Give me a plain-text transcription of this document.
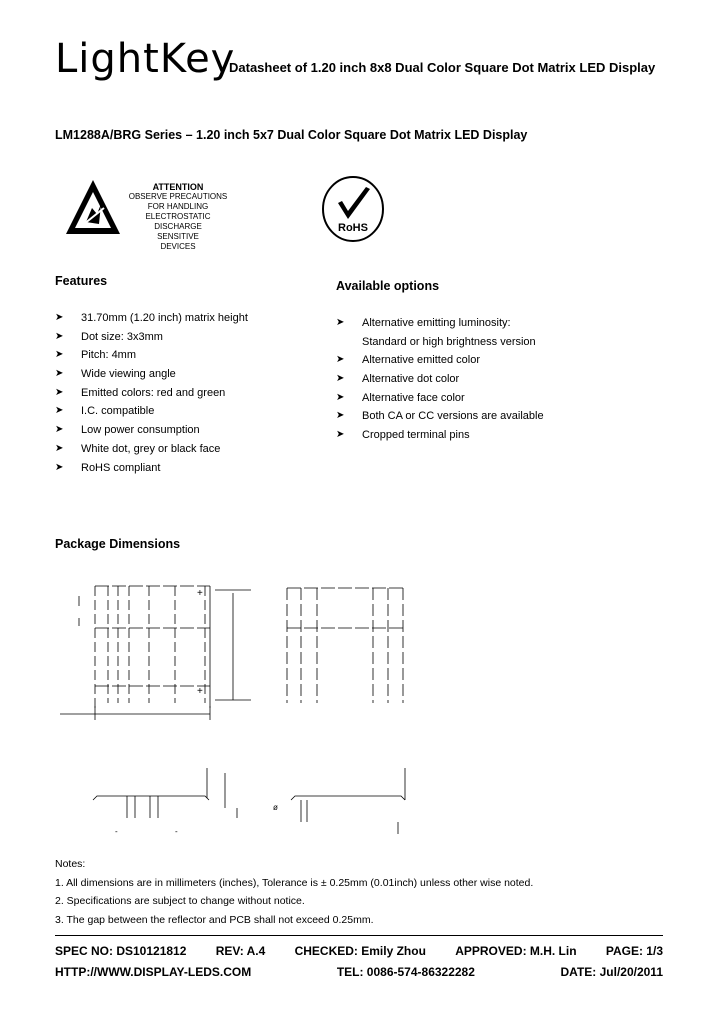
LightKey
Datasheet of 1.20 inch 8x8 Dual Color Square Dot Matrix LED Display
LM1288A/BRG Series – 1.20 inch 5x7 Dual Color Square Dot Matrix LED Display
ATTENTION
OBSERVE PRECAUTIONS
FOR HANDLING
ELECTROSTATIC
DISCHARGE
SENSITIVE
DEVICES
RoHS
Features
➤ 31.70mm (1.20 inch) matrix height
➤ Dot size: 3x3mm
➤ Pitch: 4mm
➤ Wide viewing angle
➤ Emitted colors: red and green
➤ I.C. compatible
➤ Low power consumption
➤ White dot, grey or black face
➤ RoHS compliant
Available options
➤ Alternative emitting luminosity:
Standard or high brightness version
➤ Alternative emitted color
➤ Alternative dot color
➤ Alternative face color
➤ Both CA or CC versions are available
➤ Cropped terminal pins
Package Dimensions
+
+
-	-
ø
Notes:
1. All dimensions are in millimeters (inches), Tolerance is ± 0.25mm (0.01inch) unless other wise noted.
2. Specifications are subject to change without notice.
3. The gap between the reflector and PCB shall not exceed 0.25mm.
SPEC NO: DS10121812 REV: A.4 CHECKED: Emily Zhou APPROVED: M.H. Lin PAGE: 1/3
HTTP://WWW.DISPLAY-LEDS.COM	TEL: 0086-574-86322282	DATE: Jul/20/2011
